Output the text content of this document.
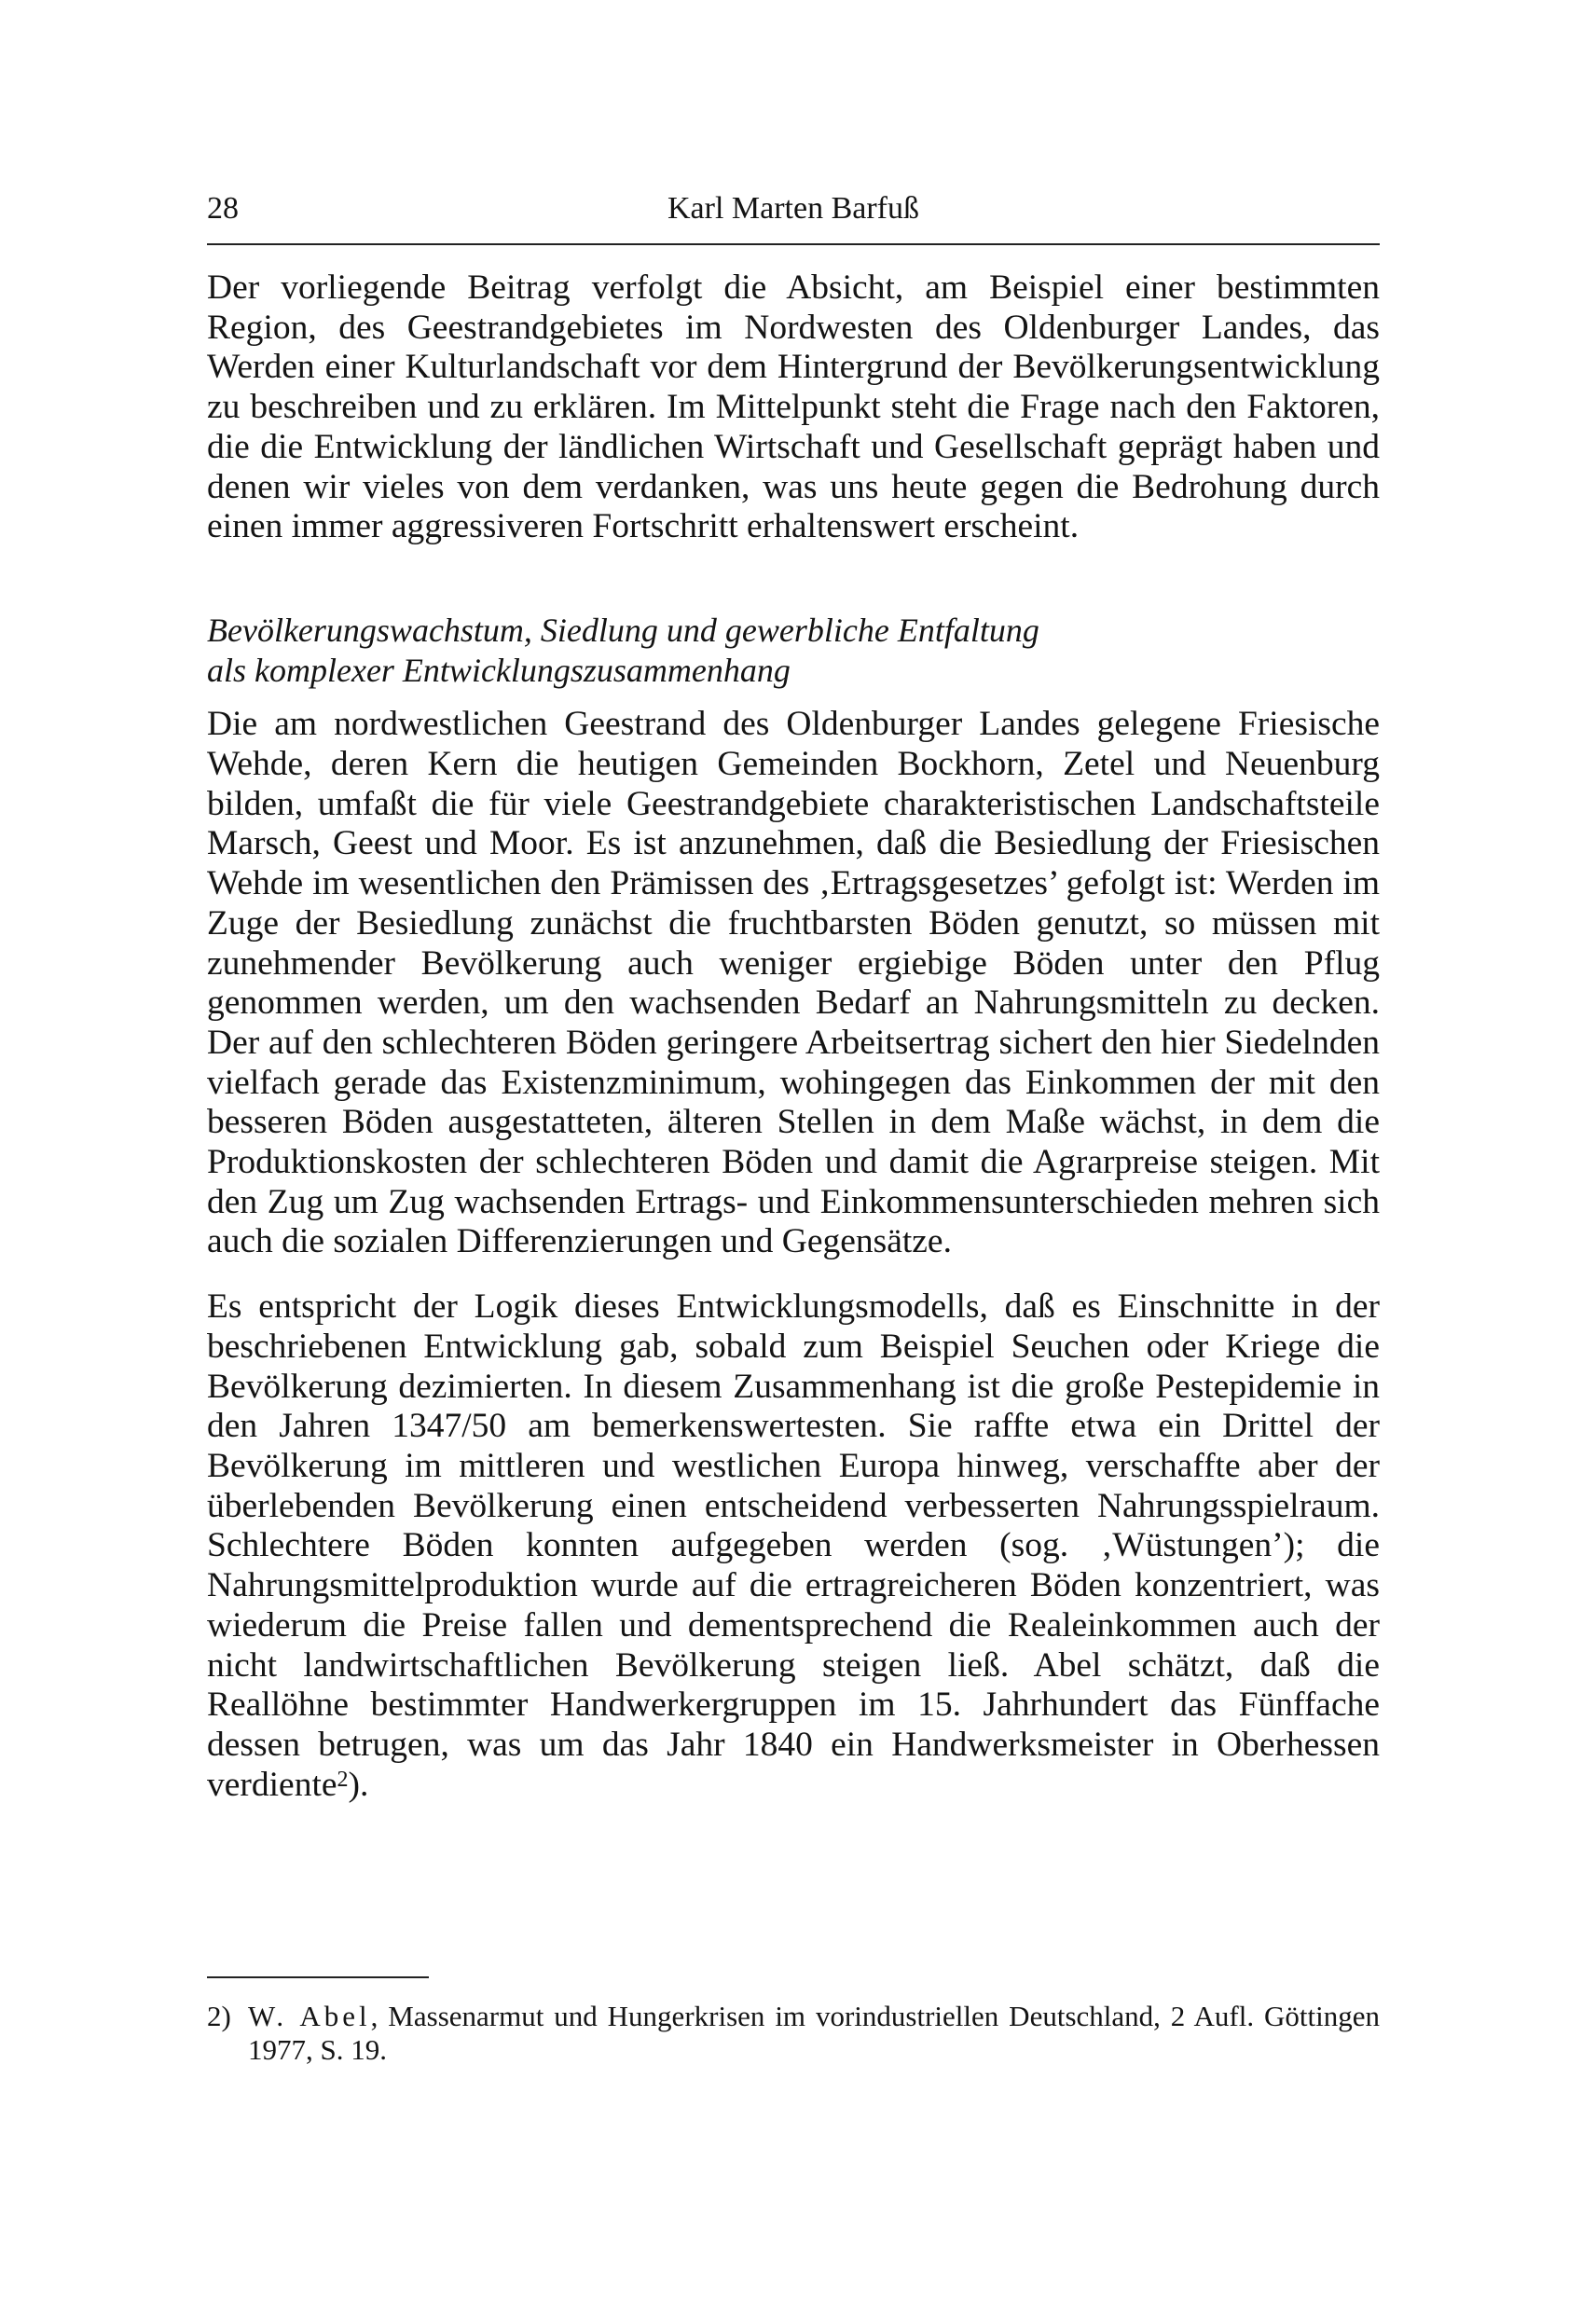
28	Karl Marten Barfuß

Der vorliegende Beitrag verfolgt die Absicht, am Beispiel einer bestimmten Region, des Geestrandgebietes im Nordwesten des Oldenburger Landes, das Werden einer Kulturlandschaft vor dem Hintergrund der Bevölkerungsentwicklung zu beschreiben und zu erklären. Im Mittelpunkt steht die Frage nach den Faktoren, die die Entwicklung der ländlichen Wirtschaft und Gesellschaft geprägt haben und denen wir vieles von dem verdanken, was uns heute gegen die Bedrohung durch einen immer aggressiveren Fortschritt erhaltenswert erscheint.

Bevölkerungswachstum, Siedlung und gewerbliche Entfaltung
als komplexer Entwicklungszusammenhang

Die am nordwestlichen Geestrand des Oldenburger Landes gelegene Friesische Wehde, deren Kern die heutigen Gemeinden Bockhorn, Zetel und Neuenburg bilden, umfaßt die für viele Geestrandgebiete charakteristischen Landschaftsteile Marsch, Geest und Moor. Es ist anzunehmen, daß die Besiedlung der Friesischen Wehde im wesentlichen den Prämissen des ‚Ertragsgesetzes’ gefolgt ist: Werden im Zuge der Besiedlung zunächst die fruchtbarsten Böden genutzt, so müssen mit zunehmender Bevölkerung auch weniger ergiebige Böden unter den Pflug genommen werden, um den wachsenden Bedarf an Nahrungsmitteln zu decken. Der auf den schlechteren Böden geringere Arbeitsertrag sichert den hier Siedelnden vielfach gerade das Existenzminimum, wohingegen das Einkommen der mit den besseren Böden ausgestatteten, älteren Stellen in dem Maße wächst, in dem die Produktionskosten der schlechteren Böden und damit die Agrarpreise steigen. Mit den Zug um Zug wachsenden Ertrags- und Einkommensunterschieden mehren sich auch die sozialen Differenzierungen und Gegensätze.

Es entspricht der Logik dieses Entwicklungsmodells, daß es Einschnitte in der beschriebenen Entwicklung gab, sobald zum Beispiel Seuchen oder Kriege die Bevölkerung dezimierten. In diesem Zusammenhang ist die große Pestepidemie in den Jahren 1347/50 am bemerkenswertesten. Sie raffte etwa ein Drittel der Bevölkerung im mittleren und westlichen Europa hinweg, verschaffte aber der überlebenden Bevölkerung einen entscheidend verbesserten Nahrungsspielraum. Schlechtere Böden konnten aufgegeben werden (sog. ‚Wüstungen’); die Nahrungsmittelproduktion wurde auf die ertragreicheren Böden konzentriert, was wiederum die Preise fallen und dementsprechend die Realeinkommen auch der nicht landwirtschaftlichen Bevölkerung steigen ließ. Abel schätzt, daß die Reallöhne bestimmter Handwerkergruppen im 15. Jahrhundert das Fünffache dessen betrugen, was um das Jahr 1840 ein Handwerksmeister in Oberhessen verdiente$^2$).

2) W. Abel, Massenarmut und Hungerkrisen im vorindustriellen Deutschland, 2 Aufl. Göttingen 1977, S. 19.
